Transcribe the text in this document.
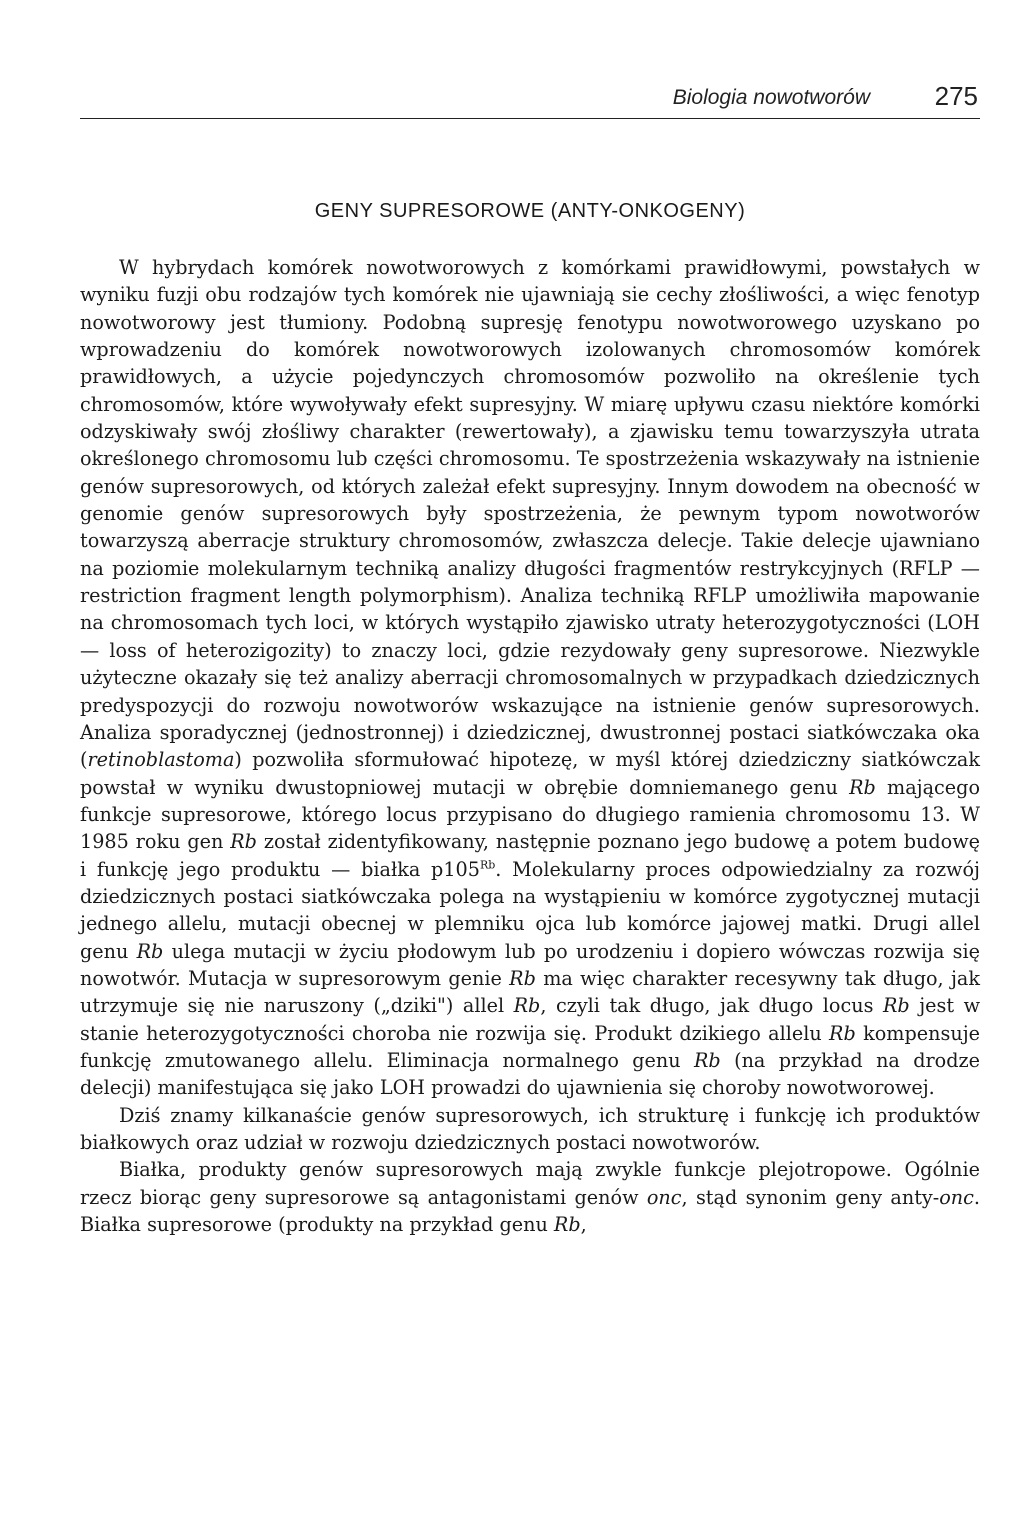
Biologia nowotworów 275
GENY SUPRESOROWE (ANTY-ONKOGENY)

W hybrydach komórek nowotworowych z komórkami prawidłowymi, powstałych w wyniku fuzji obu rodzajów tych komórek nie ujawniają sie cechy złośliwości, a więc fenotyp nowotworowy jest tłumiony. Podobną supresję fenotypu nowotworowego uzyskano po wprowadzeniu do komórek nowotworowych izolowanych chromosomów komórek prawidłowych, a użycie pojedynczych chromosomów pozwoliło na określenie tych chromosomów, które wywoływały efekt supresyjny. W miarę upływu czasu niektóre komórki odzyskiwały swój złośliwy charakter (rewertowały), a zjawisku temu towarzyszyła utrata określonego chromosomu lub części chromosomu. Te spostrzeżenia wskazywały na istnienie genów supresorowych, od których zależał efekt supresyjny. Innym dowodem na obecność w genomie genów supresorowych były spostrzeżenia, że pewnym typom nowotworów towarzyszą aberracje struktury chromosomów, zwłaszcza delecje. Takie delecje ujawniano na poziomie molekularnym techniką analizy długości fragmentów restrykcyjnych (RFLP — restriction fragment length polymorphism). Analiza techniką RFLP umożliwiła mapowanie na chromosomach tych loci, w których wystąpiło zjawisko utraty heterozygotyczności (LOH — loss of heterozigozity) to znaczy loci, gdzie rezydowały geny supresorowe. Niezwykle użyteczne okazały się też analizy aberracji chromosomalnych w przypadkach dziedzicznych predyspozycji do rozwoju nowotworów wskazujące na istnienie genów supresorowych. Analiza sporadycznej (jednostronnej) i dziedzicznej, dwustronnej postaci siatkówczaka oka (retinoblastoma) pozwoliła sformułować hipotezę, w myśl której dziedziczny siatkówczak powstał w wyniku dwustopniowej mutacji w obrębie domniemanego genu Rb mającego funkcje supresorowe, którego locus przypisano do długiego ramienia chromosomu 13. W 1985 roku gen Rb został zidentyfikowany, następnie poznano jego budowę a potem budowę i funkcję jego produktu — białka $p105^{Rb}$. Molekularny proces odpowiedzialny za rozwój dziedzicznych postaci siatkówczaka polega na wystąpieniu w komórce zygotycznej mutacji jednego allelu, mutacji obecnej w plemniku ojca lub komórce jajowej matki. Drugi allel genu Rb ulega mutacji w życiu płodowym lub po urodzeniu i dopiero wówczas rozwija się nowotwór. Mutacja w supresorowym genie Rb ma więc charakter recesywny tak długo, jak utrzymuje się nie naruszony („dziki") allel Rb, czyli tak długo, jak długo locus Rb jest w stanie heterozygotyczności choroba nie rozwija się. Produkt dzikiego allelu Rb kompensuje funkcję zmutowanego allelu. Eliminacja normalnego genu Rb (na przykład na drodze delecji) manifestująca się jako LOH prowadzi do ujawnienia się choroby nowotworowej.

Dziś znamy kilkanaście genów supresorowych, ich strukturę i funkcję ich produktów białkowych oraz udział w rozwoju dziedzicznych postaci nowotworów.

Białka, produkty genów supresorowych mają zwykle funkcje plejotropowe. Ogólnie rzecz biorąc geny supresorowe są antagonistami genów onc, stąd synonim geny anty-onc. Białka supresorowe (produkty na przykład genu Rb,
